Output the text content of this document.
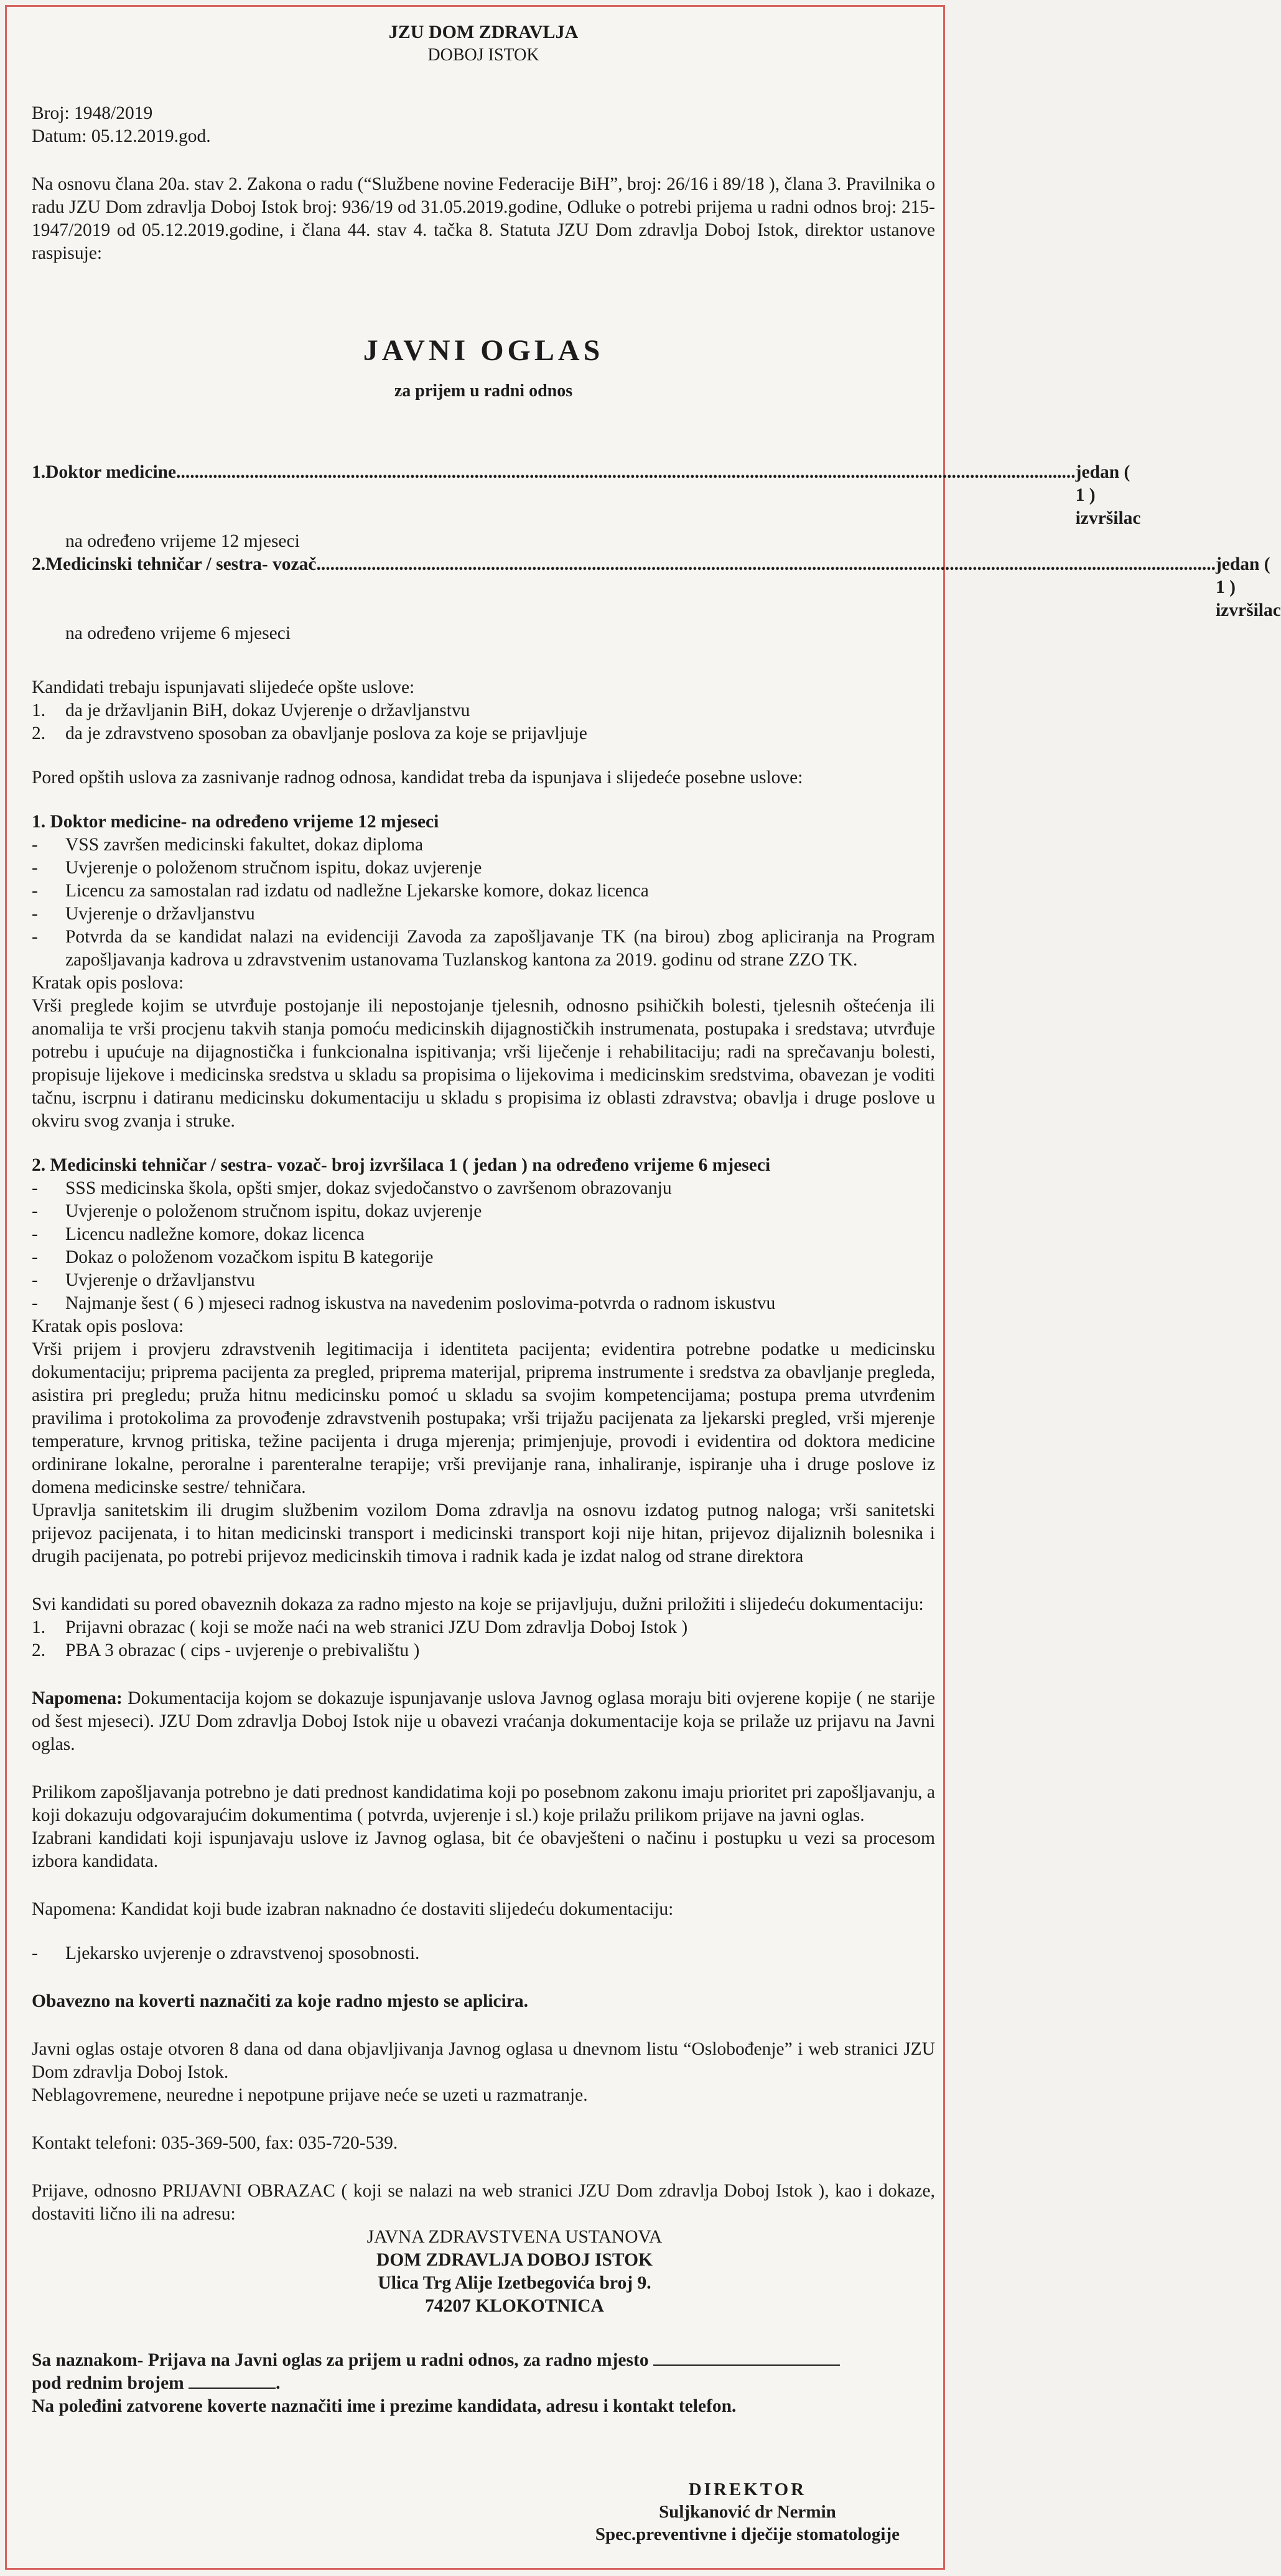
JZU DOM ZDRAVLJA
DOBOJ ISTOK

Broj: 1948/2019

Datum: 05.12.2019.god.

Na osnovu člana 20a. stav 2. Zakona o radu (“Službene novine Federacije BiH”, broj: 26/16 i 89/18 ), člana 3. Pravilnika o radu JZU Dom zdravlja Doboj Istok broj: 936/19 od 31.05.2019.godine, Odluke o potrebi prijema u radni odnos broj: 215-1947/2019 od 05.12.2019.godine, i člana 44. stav 4. tačka 8. Statuta JZU Dom zdravlja Doboj Istok, direktor ustanove raspisuje:

JAVNI OGLAS
za prijem u radni odnos
1. Doktor medicine.................................................................................................................................................................................................... jedan ( 1 ) izvršilac
na određeno vrijeme 12 mjeseci
2. Medicinski tehničar / sestra- vozač.................................................................................................................................................................................................... jedan ( 1 ) izvršilac
na određeno vrijeme 6 mjeseci

Kandidati trebaju ispunjavati slijedeće opšte uslove:

1.	da je državljanin BiH, dokaz Uvjerenje o državljanstvu
2.	da je zdravstveno sposoban za obavljanje poslova za koje se prijavljuje

Pored opštih uslova za zasnivanje radnog odnosa, kandidat treba da ispunjava i slijedeće posebne uslove:

1. Doktor medicine- na određeno vrijeme 12 mjeseci

-	VSS završen medicinski fakultet, dokaz diploma
-	Uvjerenje o položenom stručnom ispitu, dokaz uvjerenje
-	Licencu za samostalan rad izdatu od nadležne Ljekarske komore, dokaz licenca
-	Uvjerenje o državljanstvu
-	Potvrda da se kandidat nalazi na evidenciji Zavoda za zapošljavanje TK (na birou) zbog apliciranja na Program zapošljavanja kadrova u zdravstvenim ustanovama Tuzlanskog kantona za 2019. godinu od strane ZZO TK.

Kratak opis poslova:

Vrši preglede kojim se utvrđuje postojanje ili nepostojanje tjelesnih, odnosno psihičkih bolesti, tjelesnih oštećenja ili anomalija te vrši procjenu takvih stanja pomoću medicinskih dijagnostičkih instrumenata, postupaka i sredstava; utvrđuje potrebu i upućuje na dijagnostička i funkcionalna ispitivanja; vrši liječenje i rehabilitaciju; radi na sprečavanju bolesti, propisuje lijekove i medicinska sredstva u skladu sa propisima o lijekovima i medicinskim sredstvima, obavezan je voditi tačnu, iscrpnu i datiranu medicinsku dokumentaciju u skladu s propisima iz oblasti zdravstva; obavlja i druge poslove u okviru svog zvanja i struke.

2. Medicinski tehničar / sestra- vozač- broj izvršilaca 1 ( jedan ) na određeno vrijeme 6 mjeseci

-	SSS medicinska škola, opšti smjer, dokaz svjedočanstvo o završenom obrazovanju
-	Uvjerenje o položenom stručnom ispitu, dokaz uvjerenje
-	Licencu nadležne komore, dokaz licenca
-	Dokaz o položenom vozačkom ispitu B kategorije
-	Uvjerenje o državljanstvu
-	Najmanje šest ( 6 ) mjeseci radnog iskustva na navedenim poslovima-potvrda o radnom iskustvu

Kratak opis poslova:

Vrši prijem i provjeru zdravstvenih legitimacija i identiteta pacijenta; evidentira potrebne podatke u medicinsku dokumentaciju; priprema pacijenta za pregled, priprema materijal, priprema instrumente i sredstva za obavljanje pregleda, asistira pri pregledu; pruža hitnu medicinsku pomoć u skladu sa svojim kompetencijama; postupa prema utvrđenim pravilima i protokolima za provođenje zdravstvenih postupaka; vrši trijažu pacijenata za ljekarski pregled, vrši mjerenje temperature, krvnog pritiska, težine pacijenta i druga mjerenja; primjenjuje, provodi i evidentira od doktora medicine ordinirane lokalne, peroralne i parenteralne terapije; vrši previjanje rana, inhaliranje, ispiranje uha i druge poslove iz domena medicinske sestre/ tehničara.

Upravlja sanitetskim ili drugim službenim vozilom Doma zdravlja na osnovu izdatog putnog naloga; vrši sanitetski prijevoz pacijenata, i to hitan medicinski transport i medicinski transport koji nije hitan, prijevoz dijaliznih bolesnika i drugih pacijenata, po potrebi prijevoz medicinskih timova i radnik kada je izdat nalog od strane direktora

Svi kandidati su pored obaveznih dokaza za radno mjesto na koje se prijavljuju, dužni priložiti i slijedeću dokumentaciju:

1.	Prijavni obrazac ( koji se može naći na web stranici JZU Dom zdravlja Doboj Istok )
2.	PBA 3 obrazac ( cips - uvjerenje o prebivalištu )

Napomena: Dokumentacija kojom se dokazuje ispunjavanje uslova Javnog oglasa moraju biti ovjerene kopije ( ne starije od šest mjeseci). JZU Dom zdravlja Doboj Istok nije u obavezi vraćanja dokumentacije koja se prilaže uz prijavu na Javni oglas.

Prilikom zapošljavanja potrebno je dati prednost kandidatima koji po posebnom zakonu imaju prioritet pri zapošljavanju, a koji dokazuju odgovarajućim dokumentima ( potvrda, uvjerenje i sl.) koje prilažu prilikom prijave na javni oglas.

Izabrani kandidati koji ispunjavaju uslove iz Javnog oglasa, bit će obavješteni o načinu i postupku u vezi sa procesom izbora kandidata.

Napomena: Kandidat koji bude izabran naknadno će dostaviti slijedeću dokumentaciju:

-	Ljekarsko uvjerenje o zdravstvenoj sposobnosti.

Obavezno na koverti naznačiti za koje radno mjesto se aplicira.

Javni oglas ostaje otvoren 8 dana od dana objavljivanja Javnog oglasa u dnevnom listu “Oslobođenje” i web stranici JZU Dom zdravlja Doboj Istok.

Neblagovremene, neuredne i nepotpune prijave neće se uzeti u razmatranje.

Kontakt telefoni: 035-369-500, fax: 035-720-539.

Prijave, odnosno PRIJAVNI OBRAZAC ( koji se nalazi na web stranici JZU Dom zdravlja Doboj Istok ), kao i dokaze, dostaviti lično ili na adresu:

JAVNA ZDRAVSTVENA USTANOVA

DOM ZDRAVLJA DOBOJ ISTOK

Ulica Trg Alije Izetbegovića broj 9.

74207 KLOKOTNICA

Sa naznakom- Prijava na Javni oglas za prijem u radni odnos, za radno mjesto

pod rednim brojem	.

Na poleđini zatvorene koverte naznačiti ime i prezime kandidata, adresu i kontakt telefon.

DIREKTOR
Suljkanović dr Nermin
Spec.preventivne i dječije stomatologije
